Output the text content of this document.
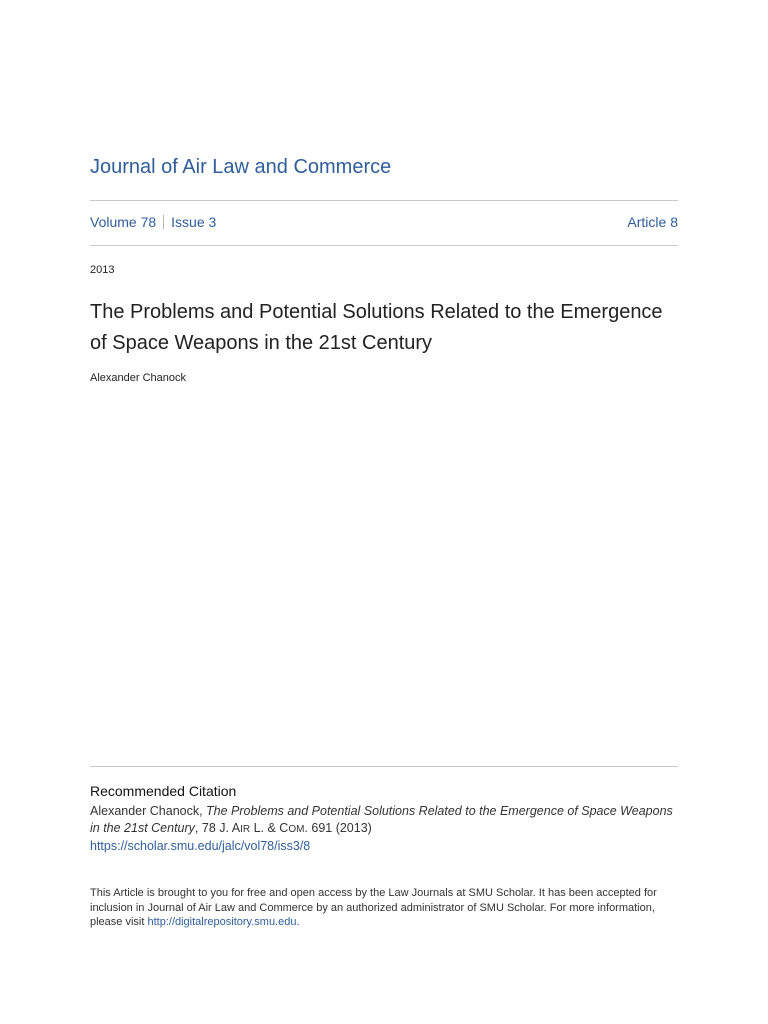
Journal of Air Law and Commerce
Volume 78 Issue 3	Article 8
2013
The Problems and Potential Solutions Related to the Emergence of Space Weapons in the 21st Century
Alexander Chanock
Recommended Citation
Alexander Chanock, The Problems and Potential Solutions Related to the Emergence of Space Weapons in the 21st Century, 78 J. AIR L. & COM. 691 (2013)
https://scholar.smu.edu/jalc/vol78/iss3/8
This Article is brought to you for free and open access by the Law Journals at SMU Scholar. It has been accepted for inclusion in Journal of Air Law and Commerce by an authorized administrator of SMU Scholar. For more information, please visit http://digitalrepository.smu.edu.
